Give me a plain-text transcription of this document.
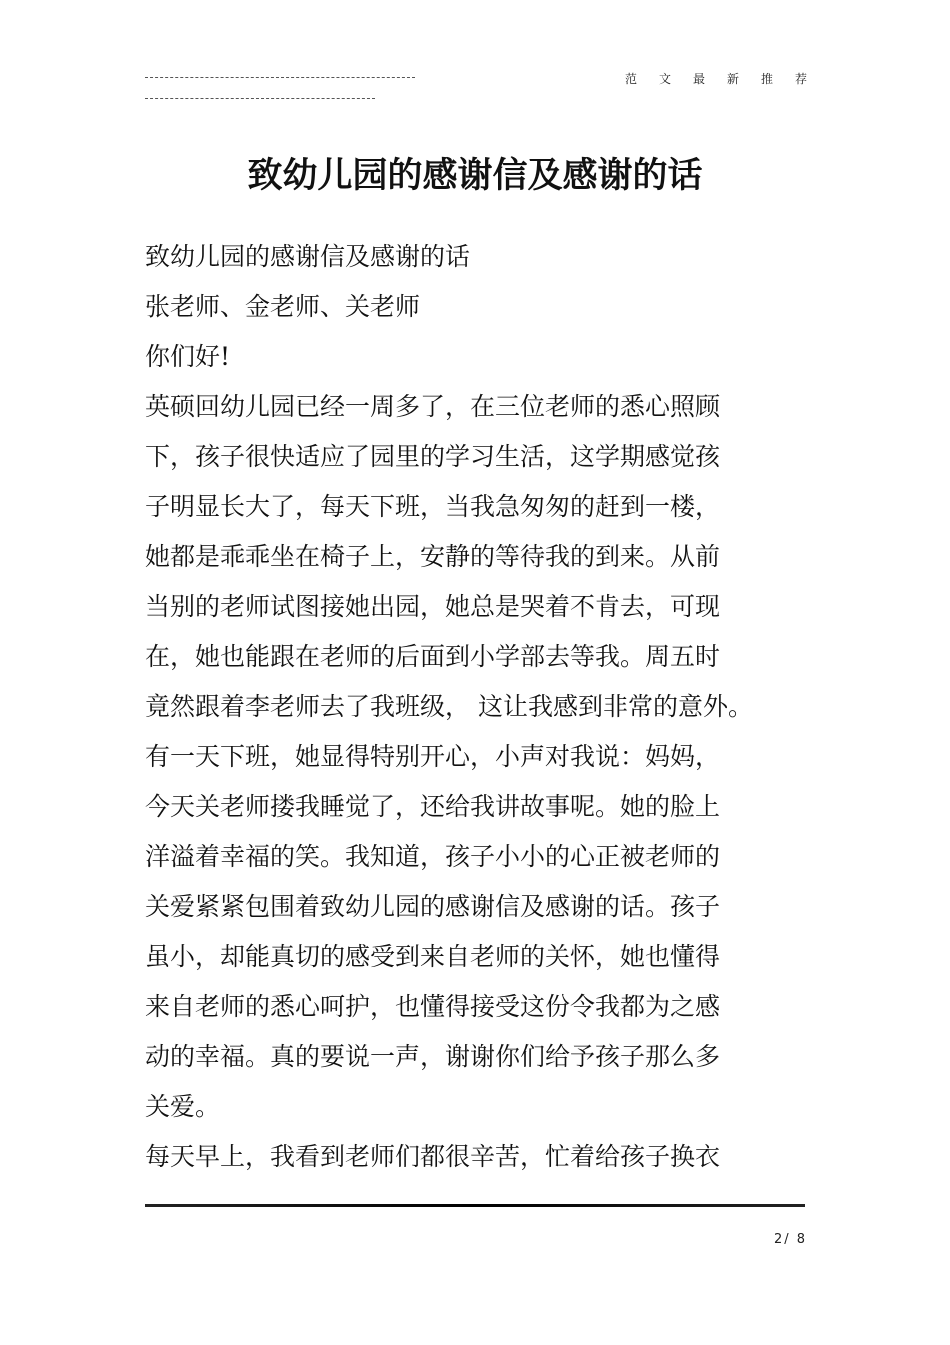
范文最新推荐
致幼儿园的感谢信及感谢的话
致幼儿园的感谢信及感谢的话
张老师、金老师、关老师
你们好!
英硕回幼儿园已经一周多了，在三位老师的悉心照顾
下，孩子很快适应了园里的学习生活，这学期感觉孩
子明显长大了，每天下班，当我急匆匆的赶到一楼，
她都是乖乖坐在椅子上，安静的等待我的到来。从前
当别的老师试图接她出园，她总是哭着不肯去，可现
在，她也能跟在老师的后面到小学部去等我。周五时
竟然跟着李老师去了我班级， 这让我感到非常的意外。
有一天下班，她显得特别开心，小声对我说：妈妈，
今天关老师搂我睡觉了，还给我讲故事呢。她的脸上
洋溢着幸福的笑。我知道，孩子小小的心正被老师的
关爱紧紧包围着致幼儿园的感谢信及感谢的话。孩子
虽小，却能真切的感受到来自老师的关怀，她也懂得
来自老师的悉心呵护，也懂得接受这份令我都为之感
动的幸福。真的要说一声，谢谢你们给予孩子那么多
关爱。
每天早上，我看到老师们都很辛苦，忙着给孩子换衣
2/ 8
